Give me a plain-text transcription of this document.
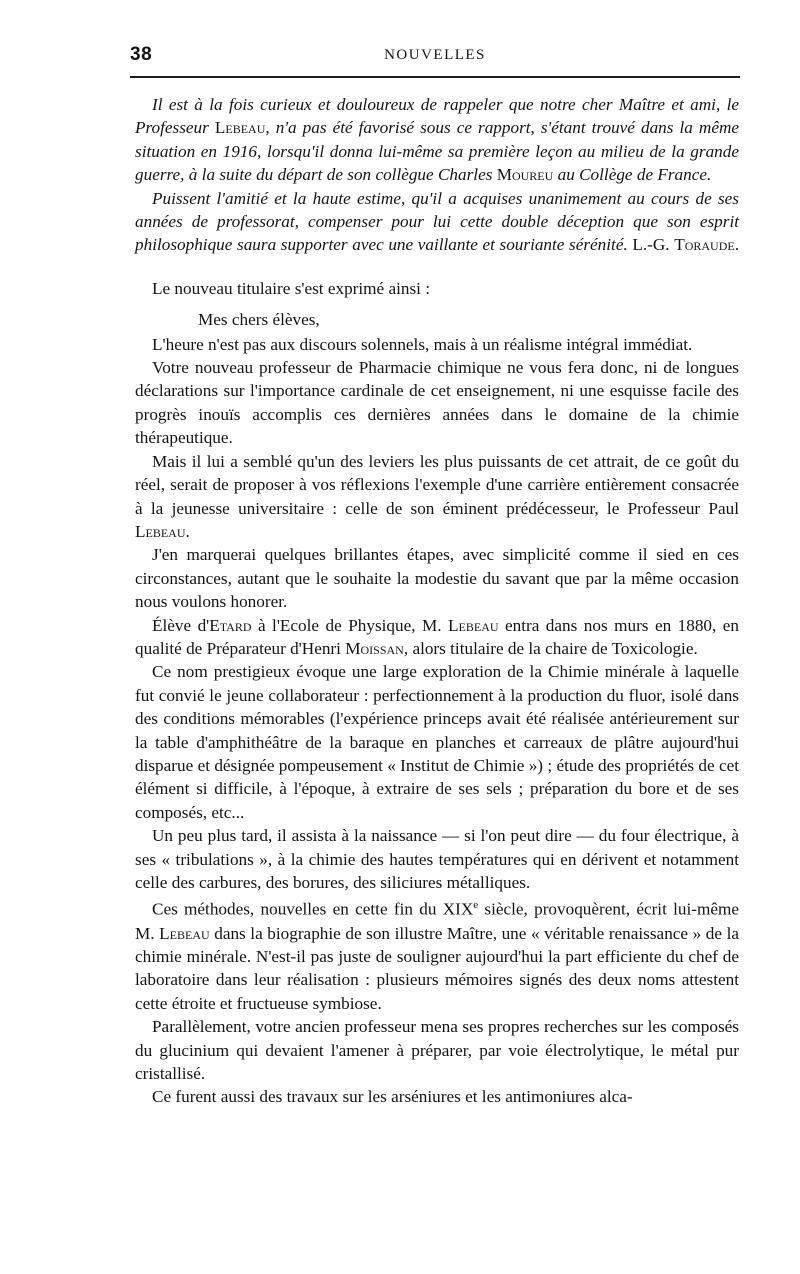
38	NOUVELLES

Il est à la fois curieux et douloureux de rappeler que notre cher Maître et ami, le Professeur Lebeau, n'a pas été favorisé sous ce rapport, s'étant trouvé dans la même situation en 1916, lorsqu'il donna lui-même sa première leçon au milieu de la grande guerre, à la suite du départ de son collègue Charles Moureu au Collège de France.

Puissent l'amitié et la haute estime, qu'il a acquises unanimement au cours de ses années de professorat, compenser pour lui cette double déception que son esprit philosophique saura supporter avec une vaillante et souriante sérénité. L.-G. Toraude.

Le nouveau titulaire s'est exprimé ainsi :

Mes chers élèves,

L'heure n'est pas aux discours solennels, mais à un réalisme intégral immédiat.

Votre nouveau professeur de Pharmacie chimique ne vous fera donc, ni de longues déclarations sur l'importance cardinale de cet enseignement, ni une esquisse facile des progrès inouïs accomplis ces dernières années dans le domaine de la chimie thérapeutique.

Mais il lui a semblé qu'un des leviers les plus puissants de cet attrait, de ce goût du réel, serait de proposer à vos réflexions l'exemple d'une carrière entièrement consacrée à la jeunesse universitaire : celle de son éminent prédécesseur, le Professeur Paul Lebeau.

J'en marquerai quelques brillantes étapes, avec simplicité comme il sied en ces circonstances, autant que le souhaite la modestie du savant que par la même occasion nous voulons honorer.

Élève d'Etard à l'Ecole de Physique, M. Lebeau entra dans nos murs en 1880, en qualité de Préparateur d'Henri Moissan, alors titulaire de la chaire de Toxicologie.

Ce nom prestigieux évoque une large exploration de la Chimie minérale à laquelle fut convié le jeune collaborateur : perfectionnement à la production du fluor, isolé dans des conditions mémorables (l'expérience princeps avait été réalisée antérieurement sur la table d'amphithéâtre de la baraque en planches et carreaux de plâtre aujourd'hui disparue et désignée pompeusement « Institut de Chimie ») ; étude des propriétés de cet élément si difficile, à l'époque, à extraire de ses sels ; préparation du bore et de ses composés, etc...

Un peu plus tard, il assista à la naissance — si l'on peut dire — du four électrique, à ses « tribulations », à la chimie des hautes températures qui en dérivent et notamment celle des carbures, des borures, des siliciures métalliques.

Ces méthodes, nouvelles en cette fin du XIXe siècle, provoquèrent, écrit lui-même M. Lebeau dans la biographie de son illustre Maître, une « véritable renaissance » de la chimie minérale. N'est-il pas juste de souligner aujourd'hui la part efficiente du chef de laboratoire dans leur réalisation : plusieurs mémoires signés des deux noms attestent cette étroite et fructueuse symbiose.

Parallèlement, votre ancien professeur mena ses propres recherches sur les composés du glucinium qui devaient l'amener à préparer, par voie électrolytique, le métal pur cristallisé.

Ce furent aussi des travaux sur les arséniures et les antimoniures alca-
